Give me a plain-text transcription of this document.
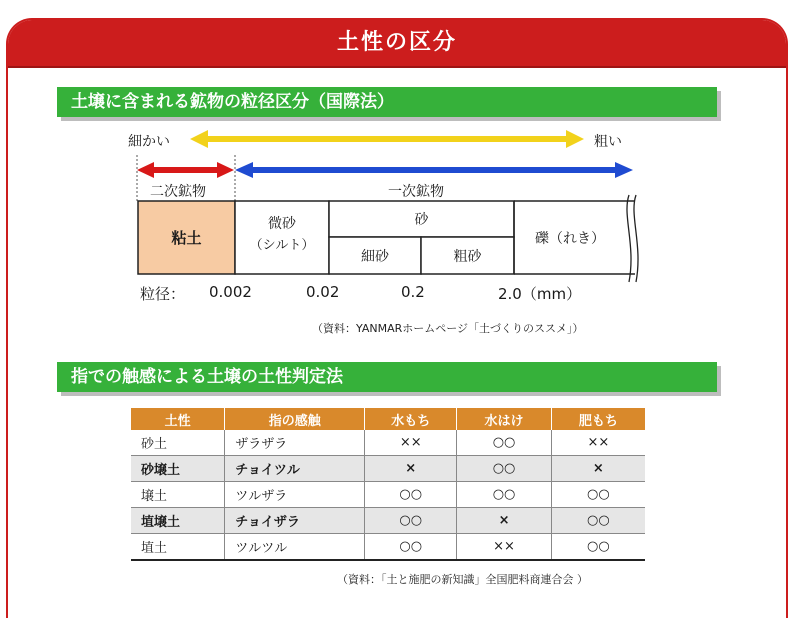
土性の区分
土壌に含まれる鉱物の粒径区分（国際法）
細かい	粗い
二次鉱物	一次鉱物
粘土
微砂
（シルト）
砂
細砂	粗砂
礫（れき）
粒径： 0.002	0.02	0.2	2.0（mm）
（資料：YANMARホームページ「土づくりのススメ」）
指での触感による土壌の土性判定法
土性	指の感触	水もち	水はけ	肥もち
砂土	ザラザラ	××	○○	××
砂壌土	チョイツル	×	○○	×
壌土	ツルザラ	○○	○○	○○
埴壌土	チョイザラ	○○	×	○○
埴土	ツルツル	○○	××	○○
（資料：「土と施肥の新知識」全国肥料商連合会 ）
